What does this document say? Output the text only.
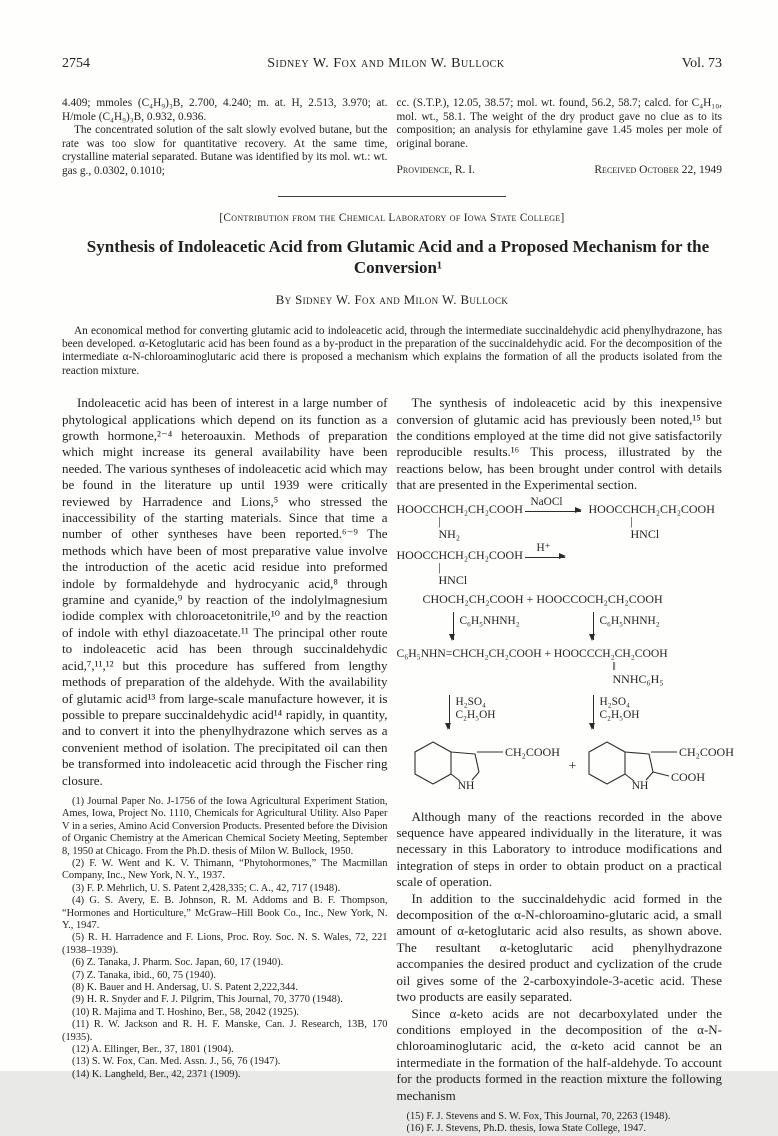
2754	Sidney W. Fox and Milon W. Bullock	Vol. 73

4.409; mmoles (C₄H₉)₃B, 2.700, 4.240; m. at. H, 2.513, 3.970; at. H/mole (C₄H₉)₃B, 0.932, 0.936.

The concentrated solution of the salt slowly evolved butane, but the rate was too slow for quantitative recovery. At the same time, crystalline material separated. Butane was identified by its mol. wt.: wt. gas g., 0.0302, 0.1010;

cc. (S.T.P.), 12.05, 38.57; mol. wt. found, 56.2, 58.7; calcd. for C₄H₁₀, mol. wt., 58.1. The weight of the dry product gave no clue as to its composition; an analysis for ethylamine gave 1.45 moles per mole of original borane.

Providence, R. I.	Received October 22, 1949
[Contribution from the Chemical Laboratory of Iowa State College]
Synthesis of Indoleacetic Acid from Glutamic Acid and a Proposed Mechanism for the Conversion¹
By Sidney W. Fox and Milon W. Bullock

An economical method for converting glutamic acid to indoleacetic acid, through the intermediate succinaldehydic acid phenylhydrazone, has been developed. α-Ketoglutaric acid has been found as a by-product in the preparation of the succinaldehydic acid. For the decomposition of the intermediate α-N-chloroaminoglutaric acid there is proposed a mechanism which explains the formation of all the products isolated from the reaction mixture.

Indoleacetic acid has been of interest in a large number of phytological applications which depend on its function as a growth hormone,²⁻⁴ heteroauxin. Methods of preparation which might increase its general availability have been needed. The various syntheses of indoleacetic acid which may be found in the literature up until 1939 were critically reviewed by Harradence and Lions,⁵ who stressed the inaccessibility of the starting materials. Since that time a number of other syntheses have been reported.⁶⁻⁹ The methods which have been of most preparative value involve the introduction of the acetic acid residue into preformed indole by formaldehyde and hydrocyanic acid,⁸ through gramine and cyanide,⁹ by reaction of the indolylmagnesium iodide complex with chloroacetonitrile,¹⁰ and by the reaction of indole with ethyl diazoacetate.¹¹ The principal other route to indoleacetic acid has been through succinaldehydic acid,⁷,¹¹,¹² but this procedure has suffered from lengthy methods of preparation of the aldehyde. With the availability of glutamic acid¹³ from large-scale manufacture however, it is possible to prepare succinaldehydic acid¹⁴ rapidly, in quantity, and to convert it into the phenylhydrazone which serves as a convenient method of isolation. The precipitated oil can then be transformed into indoleacetic acid through the Fischer ring closure.

(1) Journal Paper No. J-1756 of the Iowa Agricultural Experiment Station, Ames, Iowa, Project No. 1110, Chemicals for Agricultural Utility. Also Paper V in a series, Amino Acid Conversion Products. Presented before the Division of Organic Chemistry at the American Chemical Society Meeting, September 8, 1950 at Chicago. From the Ph.D. thesis of Milon W. Bullock, 1950.

(2) F. W. Went and K. V. Thimann, “Phytohormones,” The Macmillan Company, Inc., New York, N. Y., 1937.

(3) F. P. Mehrlich, U. S. Patent 2,428,335; C. A., 42, 717 (1948).

(4) G. S. Avery, E. B. Johnson, R. M. Addoms and B. F. Thompson, “Hormones and Horticulture,” McGraw–Hill Book Co., Inc., New York, N. Y., 1947.

(5) R. H. Harradence and F. Lions, Proc. Roy. Soc. N. S. Wales, 72, 221 (1938–1939).

(6) Z. Tanaka, J. Pharm. Soc. Japan, 60, 17 (1940).

(7) Z. Tanaka, ibid., 60, 75 (1940).

(8) K. Bauer and H. Andersag, U. S. Patent 2,222,344.

(9) H. R. Snyder and F. J. Pilgrim, This Journal, 70, 3770 (1948).

(10) R. Majima and T. Hoshino, Ber., 58, 2042 (1925).

(11) R. W. Jackson and R. H. F. Manske, Can. J. Research, 13B, 170 (1935).

(12) A. Ellinger, Ber., 37, 1801 (1904).

(13) S. W. Fox, Can. Med. Assn. J., 56, 76 (1947).

(14) K. Langheld, Ber., 42, 2371 (1909).

The synthesis of indoleacetic acid by this inexpensive conversion of glutamic acid has previously been noted,¹⁵ but the conditions employed at the time did not give satisfactorily reproducible results.¹⁶ This process, illustrated by the reactions below, has been brought under control with details that are presented in the Experimental section.

HOOCCHCH₂CH₂COOH
|
NH₂
NaOCl HOOCCHCH₂CH₂COOH
|
HNCl
HOOCCHCH₂CH₂COOH
|
HNCl
H⁺
CHOCH₂CH₂COOH + HOOCCOCH₂CH₂COOH
C₆H₅NHNH₂	C₆H₅NHNH₂
C₆H₅NHN=CHCH₂CH₂COOH + HOOCCCH₂CH₂COOH
‖
NNHC₆H₅
H₂SO₄
C₂H₅OH
H₂SO₄
C₂H₅OH
CH₂COOH
NH
+
CH₂COOH
COOH
NH

Although many of the reactions recorded in the above sequence have appeared individually in the literature, it was necessary in this Laboratory to introduce modifications and integration of steps in order to obtain product on a practical scale of operation.

In addition to the succinaldehydic acid formed in the decomposition of the α-N-chloroamino-glutaric acid, a small amount of α-ketoglutaric acid also results, as shown above. The resultant α-ketoglutaric acid phenylhydrazone accompanies the desired product and cyclization of the crude oil gives some of the 2-carboxyindole-3-acetic acid. These two products are easily separated.

Since α-keto acids are not decarboxylated under the conditions employed in the decomposition of the α-N-chloroaminoglutaric acid, the α-keto acid cannot be an intermediate in the formation of the half-aldehyde. To account for the products formed in the reaction mixture the following mechanism

(15) F. J. Stevens and S. W. Fox, This Journal, 70, 2263 (1948).

(16) F. J. Stevens, Ph.D. thesis, Iowa State College, 1947.
